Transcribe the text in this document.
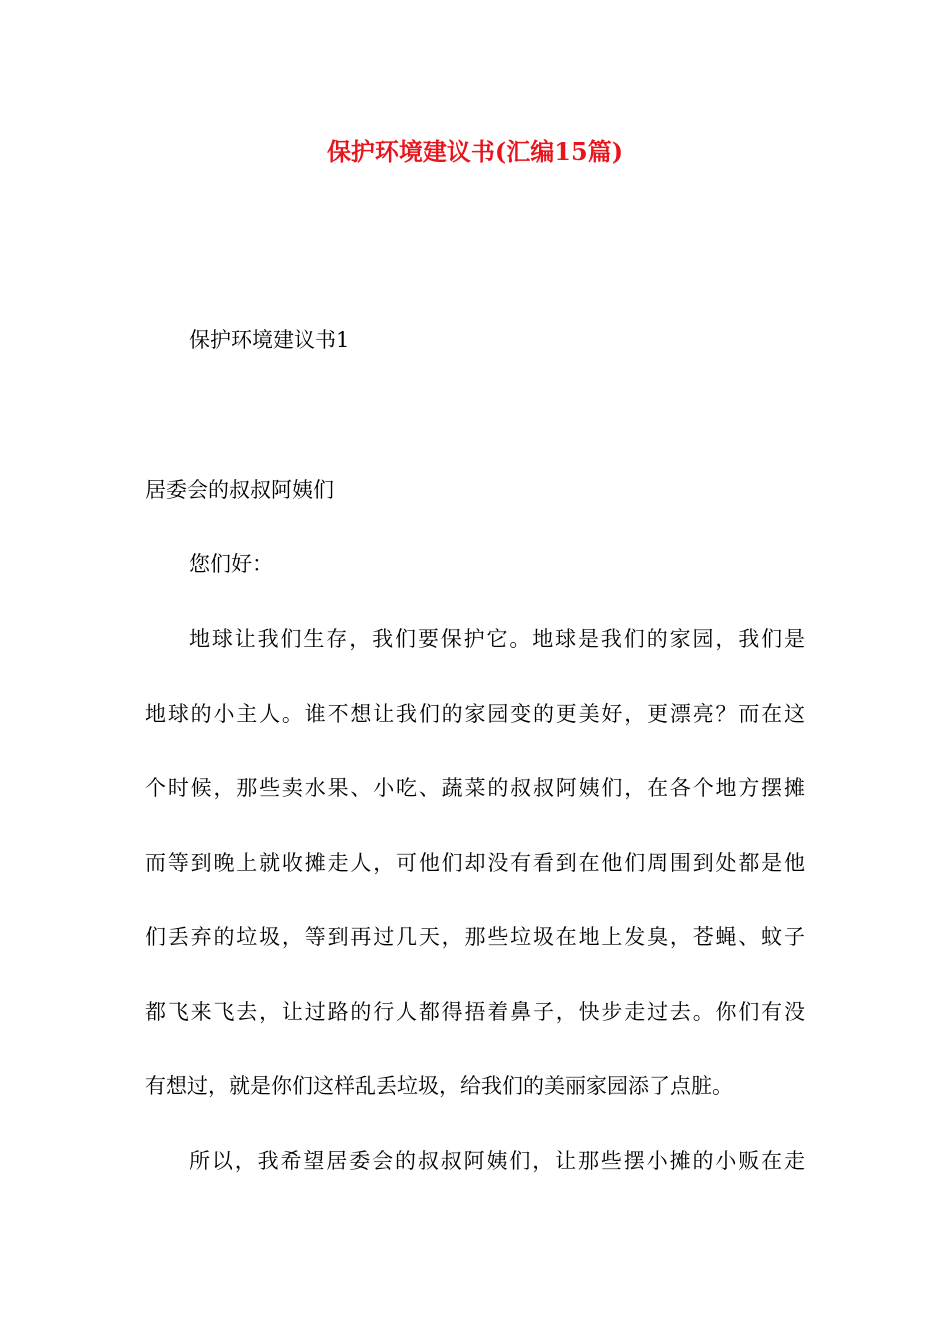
保护环境建议书(汇编15篇)

保护环境建议书1

居委会的叔叔阿姨们

您们好：

地球让我们生存，我们要保护它。地球是我们的家园，我们是
地球的小主人。谁不想让我们的家园变的更美好，更漂亮？而在这
个时候，那些卖水果、小吃、蔬菜的叔叔阿姨们，在各个地方摆摊
而等到晚上就收摊走人，可他们却没有看到在他们周围到处都是他
们丢弃的垃圾，等到再过几天，那些垃圾在地上发臭，苍蝇、蚊子
都飞来飞去，让过路的行人都得捂着鼻子，快步走过去。你们有没
有想过，就是你们这样乱丢垃圾，给我们的美丽家园添了点脏。
所以，我希望居委会的叔叔阿姨们，让那些摆小摊的小贩在走
